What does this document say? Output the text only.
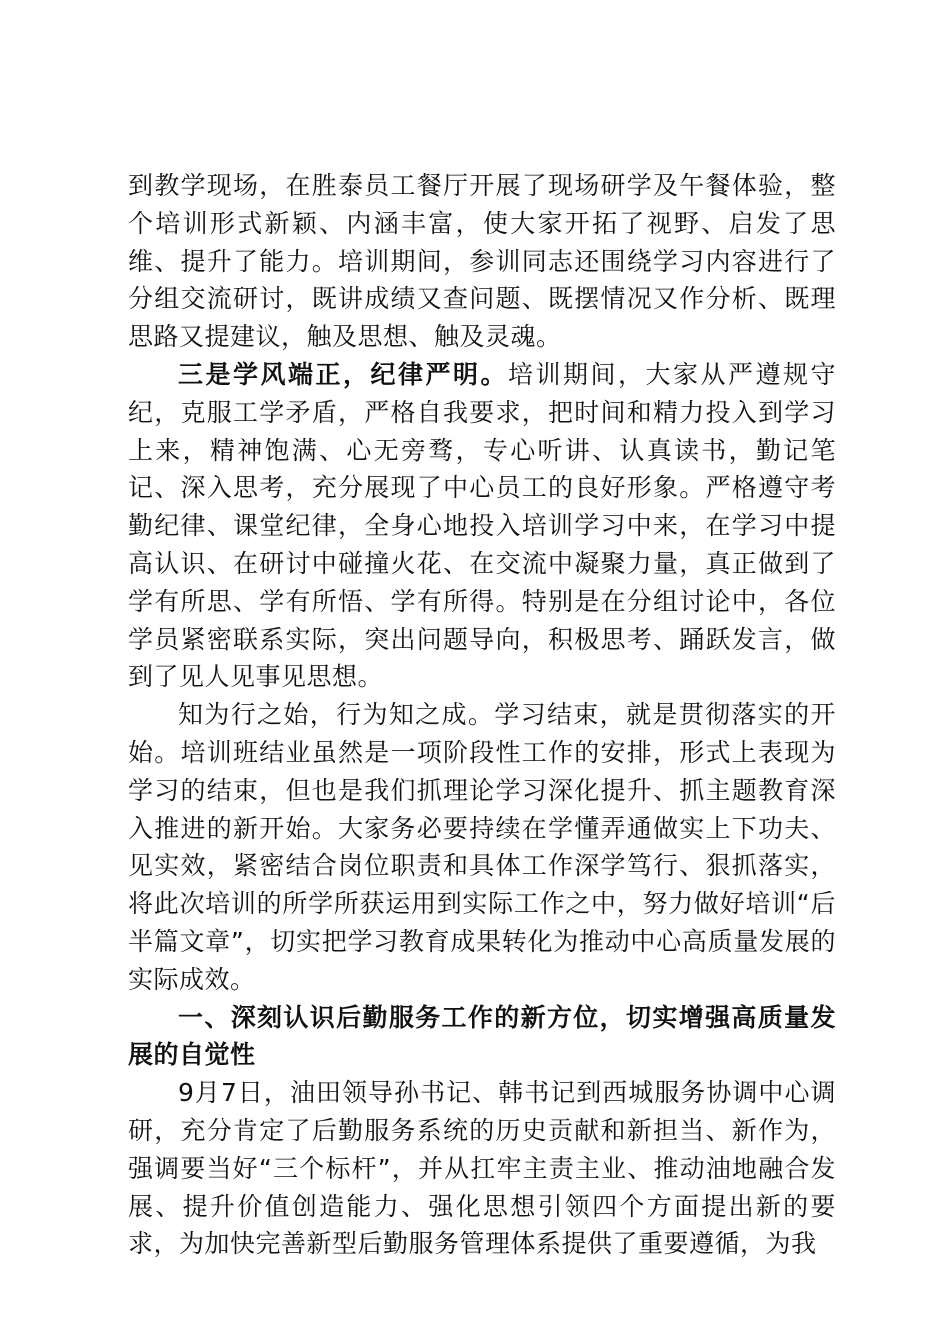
到教学现场，在胜泰员工餐厅开展了现场研学及午餐体验，整个培训形式新颖、内涵丰富，使大家开拓了视野、启发了思维、提升了能力。培训期间，参训同志还围绕学习内容进行了分组交流研讨，既讲成绩又查问题、既摆情况又作分析、既理思路又提建议，触及思想、触及灵魂。

三是学风端正，纪律严明。培训期间，大家从严遵规守纪，克服工学矛盾，严格自我要求，把时间和精力投入到学习上来，精神饱满、心无旁骛，专心听讲、认真读书，勤记笔记、深入思考，充分展现了中心员工的良好形象。严格遵守考勤纪律、课堂纪律，全身心地投入培训学习中来，在学习中提高认识、在研讨中碰撞火花、在交流中凝聚力量，真正做到了学有所思、学有所悟、学有所得。特别是在分组讨论中，各位学员紧密联系实际，突出问题导向，积极思考、踊跃发言，做到了见人见事见思想。

知为行之始，行为知之成。学习结束，就是贯彻落实的开始。培训班结业虽然是一项阶段性工作的安排，形式上表现为学习的结束，但也是我们抓理论学习深化提升、抓主题教育深入推进的新开始。大家务必要持续在学懂弄通做实上下功夫、见实效，紧密结合岗位职责和具体工作深学笃行、狠抓落实，将此次培训的所学所获运用到实际工作之中，努力做好培训“后半篇文章”，切实把学习教育成果转化为推动中心高质量发展的实际成效。

一、深刻认识后勤服务工作的新方位，切实增强高质量发展的自觉性

9月7日，油田领导孙书记、韩书记到西城服务协调中心调研，充分肯定了后勤服务系统的历史贡献和新担当、新作为，强调要当好“三个标杆”，并从扛牢主责主业、推动油地融合发展、提升价值创造能力、强化思想引领四个方面提出新的要求，为加快完善新型后勤服务管理体系提供了重要遵循，为我
